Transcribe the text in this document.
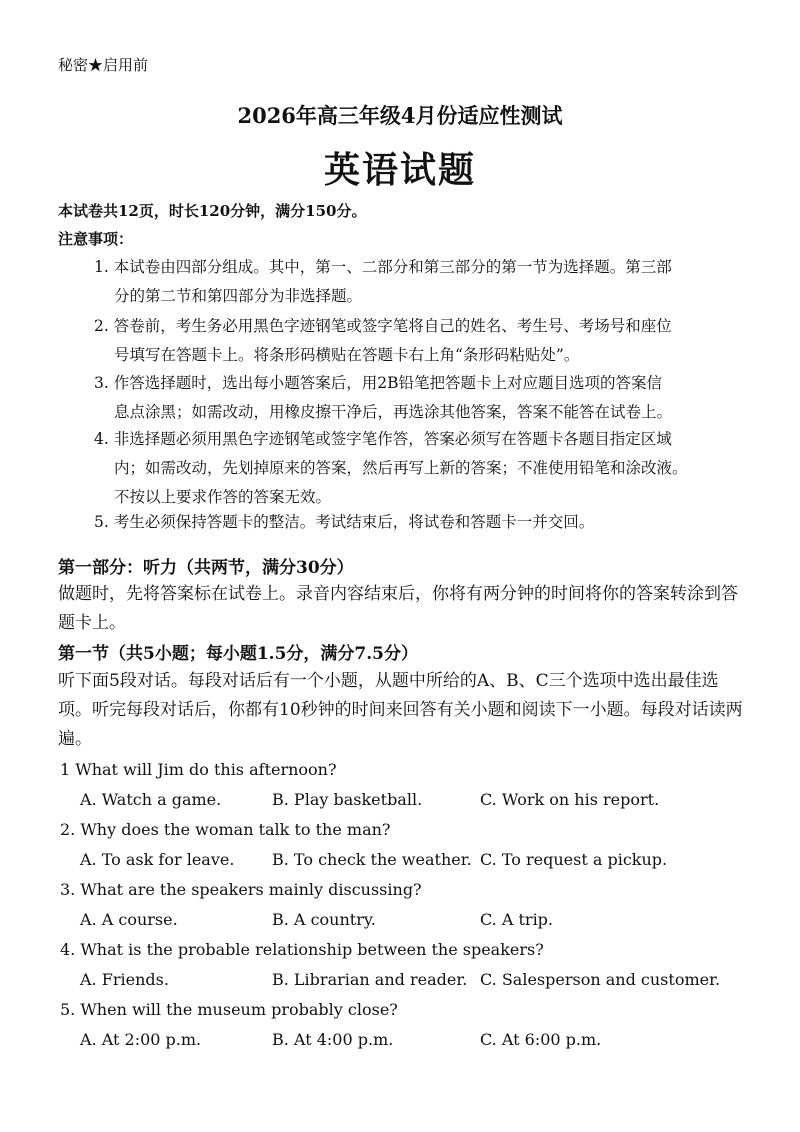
秘密★启用前
2026年高三年级4月份适应性测试
英语试题
本试卷共12页，时长120分钟，满分150分。
注意事项：
1. 本试卷由四部分组成。其中，第一、二部分和第三部分的第一节为选择题。第三部
分的第二节和第四部分为非选择题。
2. 答卷前，考生务必用黑色字迹钢笔或签字笔将自己的姓名、考生号、考场号和座位
号填写在答题卡上。将条形码横贴在答题卡右上角“条形码粘贴处”。
3. 作答选择题时，选出每小题答案后，用2B铅笔把答题卡上对应题目选项的答案信
息点涂黑；如需改动，用橡皮擦干净后，再选涂其他答案，答案不能答在试卷上。
4. 非选择题必须用黑色字迹钢笔或签字笔作答，答案必须写在答题卡各题目指定区域
内；如需改动，先划掉原来的答案，然后再写上新的答案；不准使用铅笔和涂改液。
不按以上要求作答的答案无效。
5. 考生必须保持答题卡的整洁。考试结束后，将试卷和答题卡一并交回。
第一部分：听力（共两节，满分30分）
做题时，先将答案标在试卷上。录音内容结束后，你将有两分钟的时间将你的答案转涂到答题卡上。
第一节（共5小题；每小题1.5分，满分7.5分）
听下面5段对话。每段对话后有一个小题，从题中所给的A、B、C三个选项中选出最佳选项。听完每段对话后，你都有10秒钟的时间来回答有关小题和阅读下一小题。每段对话读两遍。
1 What will Jim do this afternoon?
A. Watch a game.	B. Play basketball.	C. Work on his report.
2. Why does the woman talk to the man?
A. To ask for leave. B. To check the weather. C. To request a pickup.
3. What are the speakers mainly discussing?
A. A course.	B. A country.	C. A trip.
4. What is the probable relationship between the speakers?
A. Friends.	B. Librarian and reader. C. Salesperson and customer.
5. When will the museum probably close?
A. At 2:00 p.m.	B. At 4:00 p.m.	C. At 6:00 p.m.
